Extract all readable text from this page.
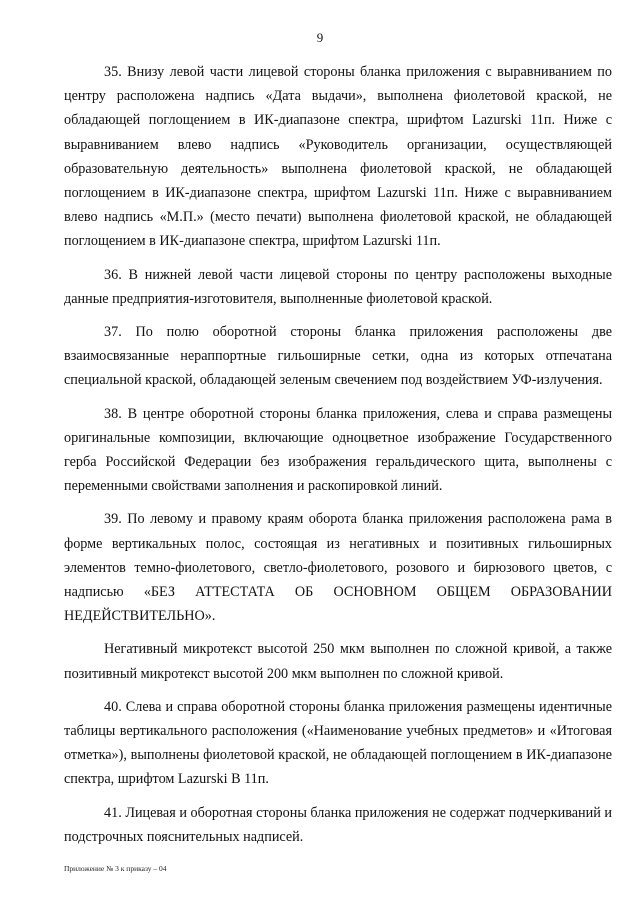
9

35. Внизу левой части лицевой стороны бланка приложения с выравниванием по центру расположена надпись «Дата выдачи», выполнена фиолетовой краской, не обладающей поглощением в ИК-диапазоне спектра, шрифтом Lazurski 11п. Ниже с выравниванием влево надпись «Руководитель организации, осуществляющей образовательную деятельность» выполнена фиолетовой краской, не обладающей поглощением в ИК-диапазоне спектра, шрифтом Lazurski 11п. Ниже с выравниванием влево надпись «М.П.» (место печати) выполнена фиолетовой краской, не обладающей поглощением в ИК-диапазоне спектра, шрифтом Lazurski 11п.

36. В нижней левой части лицевой стороны по центру расположены выходные данные предприятия-изготовителя, выполненные фиолетовой краской.

37. По полю оборотной стороны бланка приложения расположены две взаимосвязанные нераппортные гильоширные сетки, одна из которых отпечатана специальной краской, обладающей зеленым свечением под воздействием УФ-излучения.

38. В центре оборотной стороны бланка приложения, слева и справа размещены оригинальные композиции, включающие одноцветное изображение Государственного герба Российской Федерации без изображения геральдического щита, выполнены с переменными свойствами заполнения и раскопировкой линий.

39. По левому и правому краям оборота бланка приложения расположена рама в форме вертикальных полос, состоящая из негативных и позитивных гильоширных элементов темно-фиолетового, светло-фиолетового, розового и бирюзового цветов, с надписью «БЕЗ АТТЕСТАТА ОБ ОСНОВНОМ ОБЩЕМ ОБРАЗОВАНИИ НЕДЕЙСТВИТЕЛЬНО».

Негативный микротекст высотой 250 мкм выполнен по сложной кривой, а также позитивный микротекст высотой 200 мкм выполнен по сложной кривой.

40. Слева и справа оборотной стороны бланка приложения размещены идентичные таблицы вертикального расположения («Наименование учебных предметов» и «Итоговая отметка»), выполнены фиолетовой краской, не обладающей поглощением в ИК-диапазоне спектра, шрифтом Lazurski B 11п.

41. Лицевая и оборотная стороны бланка приложения не содержат подчеркиваний и подстрочных пояснительных надписей.

Приложение № 3 к приказу – 04
